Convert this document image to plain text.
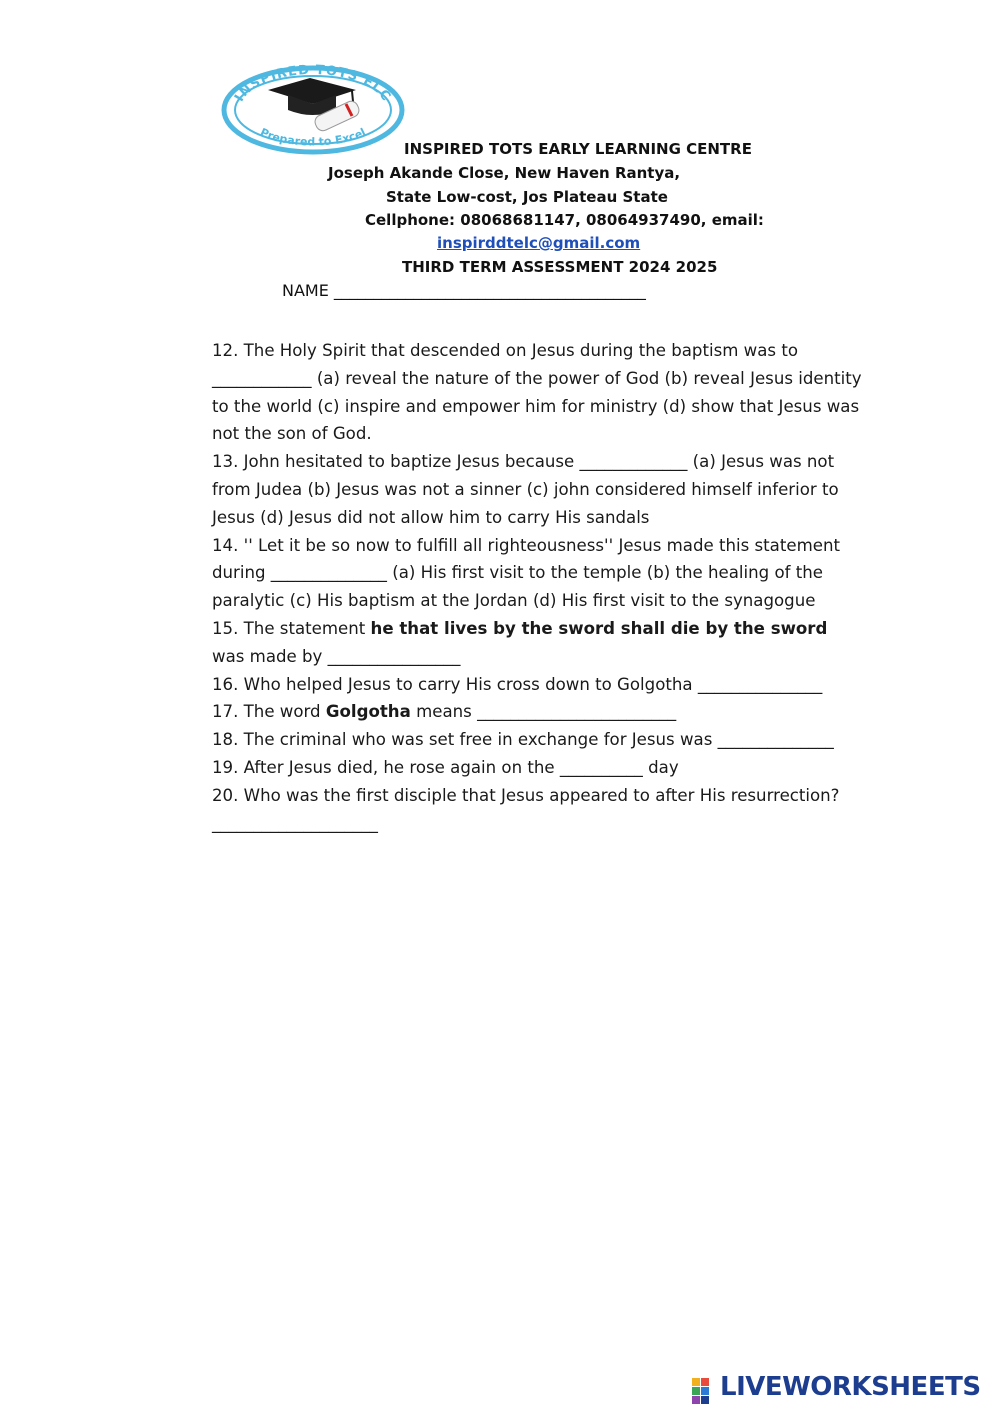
INSPIRED TOTS ELC
Prepared to Excel
INSPIRED TOTS EARLY LEARNING CENTRE
Joseph Akande Close, New Haven Rantya,
State Low-cost, Jos Plateau State
Cellphone: 08068681147, 08064937490, email:
inspirddtelc@gmail.com
THIRD TERM ASSESSMENT 2024 2025
NAME _______________________________________

12. The Holy Spirit that descended on Jesus during the baptism was to ____________ (a) reveal the nature of the power of God (b) reveal Jesus identity to the world (c) inspire and empower him for ministry (d) show that Jesus was not the son of God.

13. John hesitated to baptize Jesus because _____________ (a) Jesus was not from Judea (b) Jesus was not a sinner (c) john considered himself inferior to Jesus (d) Jesus did not allow him to carry His sandals

14. '' Let it be so now to fulfill all righteousness'' Jesus made this statement during ______________ (a) His first visit to the temple (b) the healing of the paralytic (c) His baptism at the Jordan (d) His first visit to the synagogue

15. The statement he that lives by the sword shall die by the sword was made by ________________

16. Who helped Jesus to carry His cross down to Golgotha _______________

17. The word Golgotha means ________________________

18. The criminal who was set free in exchange for Jesus was ______________

19. After Jesus died, he rose again on the __________ day

20. Who was the first disciple that Jesus appeared to after His resurrection? ____________________

LIVEWORKSHEETS
